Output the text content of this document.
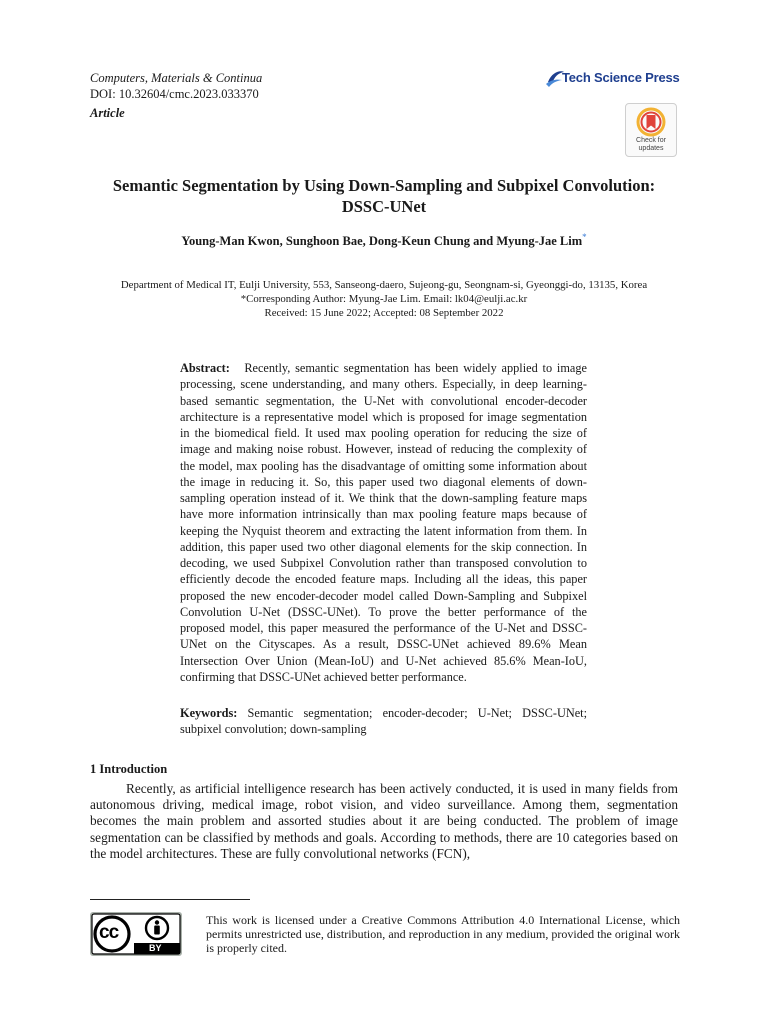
Computers, Materials & Continua
DOI: 10.32604/cmc.2023.033370
Article
Tech Science Press
Check for updates
Semantic Segmentation by Using Down-Sampling and Subpixel Convolution:
DSSC-UNet
Young-Man Kwon, Sunghoon Bae, Dong-Keun Chung and Myung-Jae Lim*
Department of Medical IT, Eulji University, 553, Sanseong-daero, Sujeong-gu, Seongnam-si, Gyeonggi-do, 13135, Korea
*Corresponding Author: Myung-Jae Lim. Email: lk04@eulji.ac.kr
Received: 15 June 2022; Accepted: 08 September 2022
Abstract: Recently, semantic segmentation has been widely applied to image processing, scene understanding, and many others. Especially, in deep learning-based semantic segmentation, the U-Net with convolutional encoder-decoder architecture is a representative model which is proposed for image segmentation in the biomedical field. It used max pooling operation for reducing the size of image and making noise robust. However, instead of reducing the complexity of the model, max pooling has the disadvantage of omitting some information about the image in reducing it. So, this paper used two diagonal elements of down-sampling operation instead of it. We think that the down-sampling feature maps have more information intrinsically than max pooling feature maps because of keeping the Nyquist theorem and extracting the latent information from them. In addition, this paper used two other diagonal elements for the skip connection. In decoding, we used Subpixel Convolution rather than transposed convolution to efficiently decode the encoded feature maps. Including all the ideas, this paper proposed the new encoder-decoder model called Down-Sampling and Subpixel Convolution U-Net (DSSC-UNet). To prove the better performance of the proposed model, this paper measured the performance of the U-Net and DSSC-UNet on the Cityscapes. As a result, DSSC-UNet achieved 89.6% Mean Intersection Over Union (Mean-IoU) and U-Net achieved 85.6% Mean-IoU, confirming that DSSC-UNet achieved better performance.
Keywords: Semantic segmentation; encoder-decoder; U-Net; DSSC-UNet; subpixel convolution; down-sampling
1 Introduction
Recently, as artificial intelligence research has been actively conducted, it is used in many fields from autonomous driving, medical image, robot vision, and video surveillance. Among them, segmentation becomes the main problem and assorted studies about it are being conducted. The problem of image segmentation can be classified by methods and goals. According to methods, there are 10 categories based on the model architectures. These are fully convolutional networks (FCN),
cc
BY
This work is licensed under a Creative Commons Attribution 4.0 International License, which permits unrestricted use, distribution, and reproduction in any medium, provided the original work is properly cited.
